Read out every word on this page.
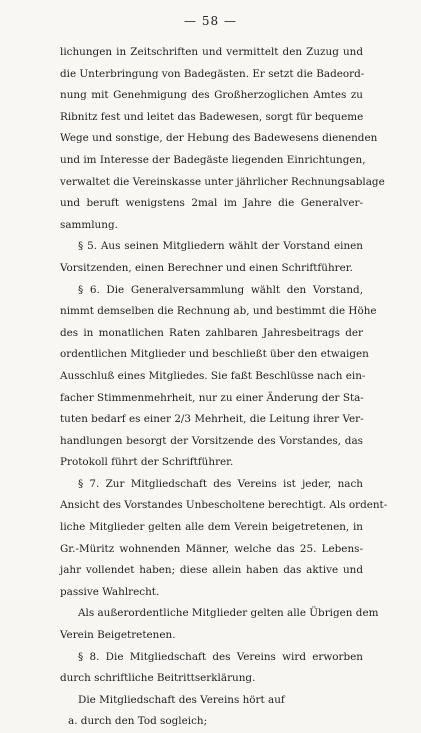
— 58 —
lichungen in Zeitschriften und vermittelt den Zuzug und
die Unterbringung von Badegästen. Er setzt die Badeord-
nung mit Genehmigung des Großherzoglichen Amtes zu
Ribnitz fest und leitet das Badewesen, sorgt für bequeme
Wege und sonstige, der Hebung des Badewesens dienenden
und im Interesse der Badegäste liegenden Einrichtungen,
verwaltet die Vereinskasse unter jährlicher Rechnungsablage
und beruft wenigstens 2mal im Jahre die Generalver-
sammlung.
§ 5. Aus seinen Mitgliedern wählt der Vorstand einen
Vorsitzenden, einen Berechner und einen Schriftführer.
§ 6. Die Generalversammlung wählt den Vorstand,
nimmt demselben die Rechnung ab, und bestimmt die Höhe
des in monatlichen Raten zahlbaren Jahresbeitrags der
ordentlichen Mitglieder und beschließt über den etwaigen
Ausschluß eines Mitgliedes. Sie faßt Beschlüsse nach ein-
facher Stimmenmehrheit, nur zu einer Änderung der Sta-
tuten bedarf es einer 2/3 Mehrheit, die Leitung ihrer Ver-
handlungen besorgt der Vorsitzende des Vorstandes, das
Protokoll führt der Schriftführer.
§ 7. Zur Mitgliedschaft des Vereins ist jeder, nach
Ansicht des Vorstandes Unbescholtene berechtigt. Als ordent-
liche Mitglieder gelten alle dem Verein beigetretenen, in
Gr.-Müritz wohnenden Männer, welche das 25. Lebens-
jahr vollendet haben; diese allein haben das aktive und
passive Wahlrecht.
Als außerordentliche Mitglieder gelten alle Übrigen dem
Verein Beigetretenen.
§ 8. Die Mitgliedschaft des Vereins wird erworben
durch schriftliche Beitrittserklärung.
Die Mitgliedschaft des Vereins hört auf
a. durch den Tod sogleich;
